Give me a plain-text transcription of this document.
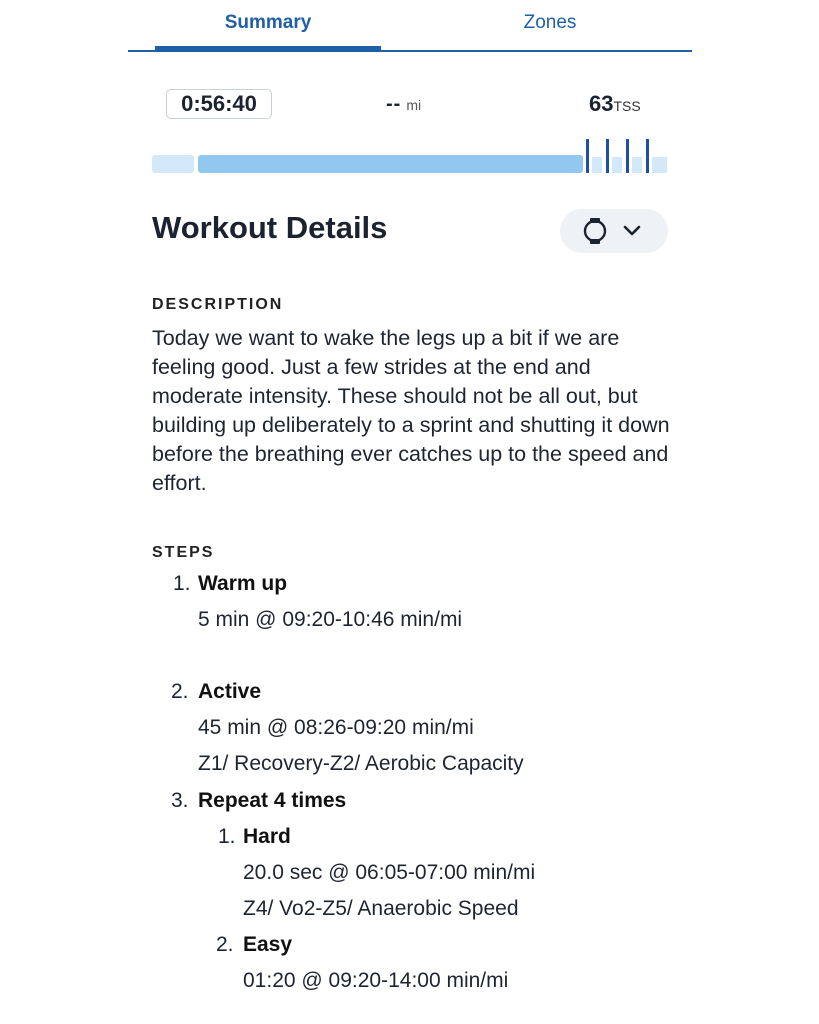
Summary	Zones
0:56:40	-- mi	63TSS
Workout Details
DESCRIPTION
Today we want to wake the legs up a bit if we are feeling good. Just a few strides at the end and moderate intensity. These should not be all out, but building up deliberately to a sprint and shutting it down before the breathing ever catches up to the speed and effort.
STEPS
1. Warm up
5 min @ 09:20-10:46 min/mi
2. Active
45 min @ 08:26-09:20 min/mi
Z1/ Recovery-Z2/ Aerobic Capacity
3. Repeat 4 times
1. Hard
20.0 sec @ 06:05-07:00 min/mi
Z4/ Vo2-Z5/ Anaerobic Speed
2. Easy
01:20 @ 09:20-14:00 min/mi
